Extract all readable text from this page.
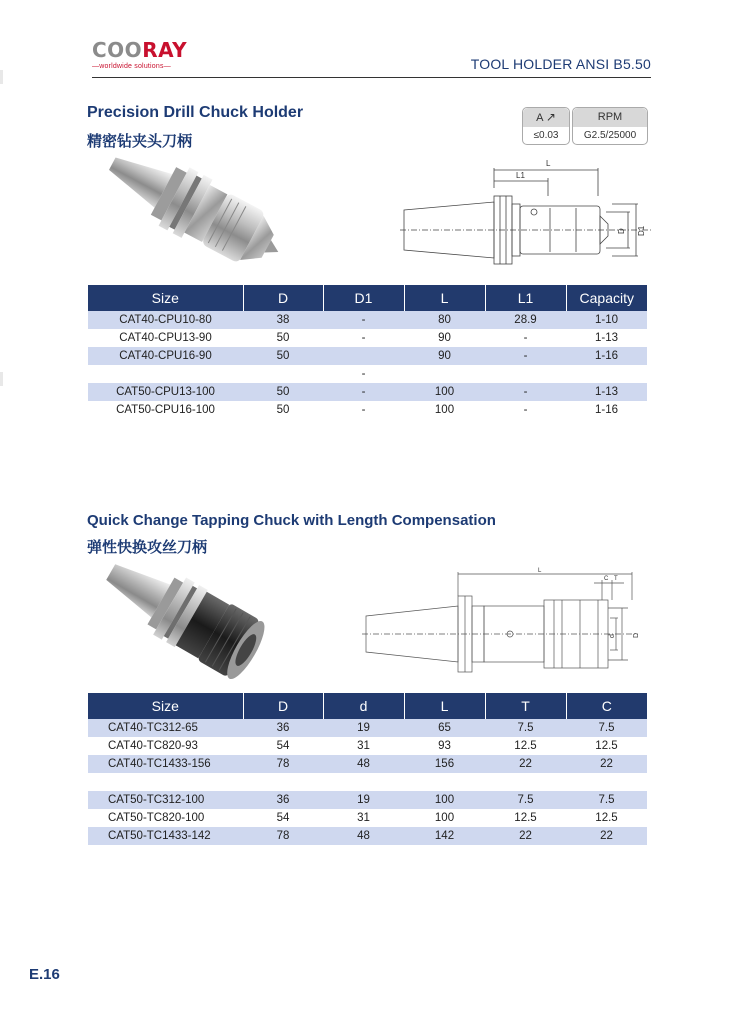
COORAY
—worldwide solutions—	TOOL HOLDER ANSI B5.50
Precision Drill Chuck Holder
精密钻夹头刀柄
A ↗
≤0.03
RPM
G2.5/25000
L
L1
D D1
Size	D	D1	L	L1	Capacity
CAT40-CPU10-80	38	-	80	28.9	1-10
CAT40-CPU13-90	50	-	90	-	1-13
CAT40-CPU16-90	50		90	-	1-16
		-			
CAT50-CPU13-100	50	-	100	-	1-13
CAT50-CPU16-100	50	-	100	-	1-16
Quick Change Tapping Chuck with Length Compensation
弹性快换攻丝刀柄
L
C T
d D
Size	D	d	L	T	C
CAT40-TC312-65	36	19	65	7.5	7.5
CAT40-TC820-93	54	31	93	12.5	12.5
CAT40-TC1433-156	78	48	156	22	22

CAT50-TC312-100	36	19	100	7.5	7.5
CAT50-TC820-100	54	31	100	12.5	12.5
CAT50-TC1433-142	78	48	142	22	22
E.16
